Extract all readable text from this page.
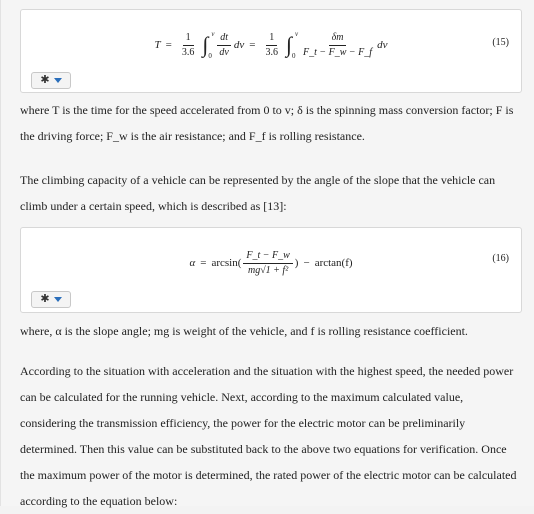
$T = \frac{1}{3.6}$ ∫ v
$0 \frac{dt}{dv}$ dv = $\frac{1}{3.6}$ ∫ v
$0 \frac{\delta m}{F\_t - F\_w - F\_f}$ dv	(15)
✱
where T is the time for the speed accelerated from 0 to v; δ is the spinning mass conversion factor; F is the driving force; F_w is the air resistance; and F_f is rolling resistance.
The climbing capacity of a vehicle can be represented by the angle of the slope that the vehicle can climb under a certain speed, which is described as [13]:
$\alpha = \arcsin( \frac{F\_t - F\_w}{\text{mg√1 + f²}}$ ) − arctan(f)	(16)
✱
where, α is the slope angle; mg is weight of the vehicle, and f is rolling resistance coefficient.
According to the situation with acceleration and the situation with the highest speed, the needed power can be calculated for the running vehicle. Next, according to the maximum calculated value, considering the transmission efficiency, the power for the electric motor can be preliminarily determined. Then this value can be substituted back to the above two equations for verification. Once the maximum power of the motor is determined, the rated power of the electric motor can be calculated according to the equation below:
